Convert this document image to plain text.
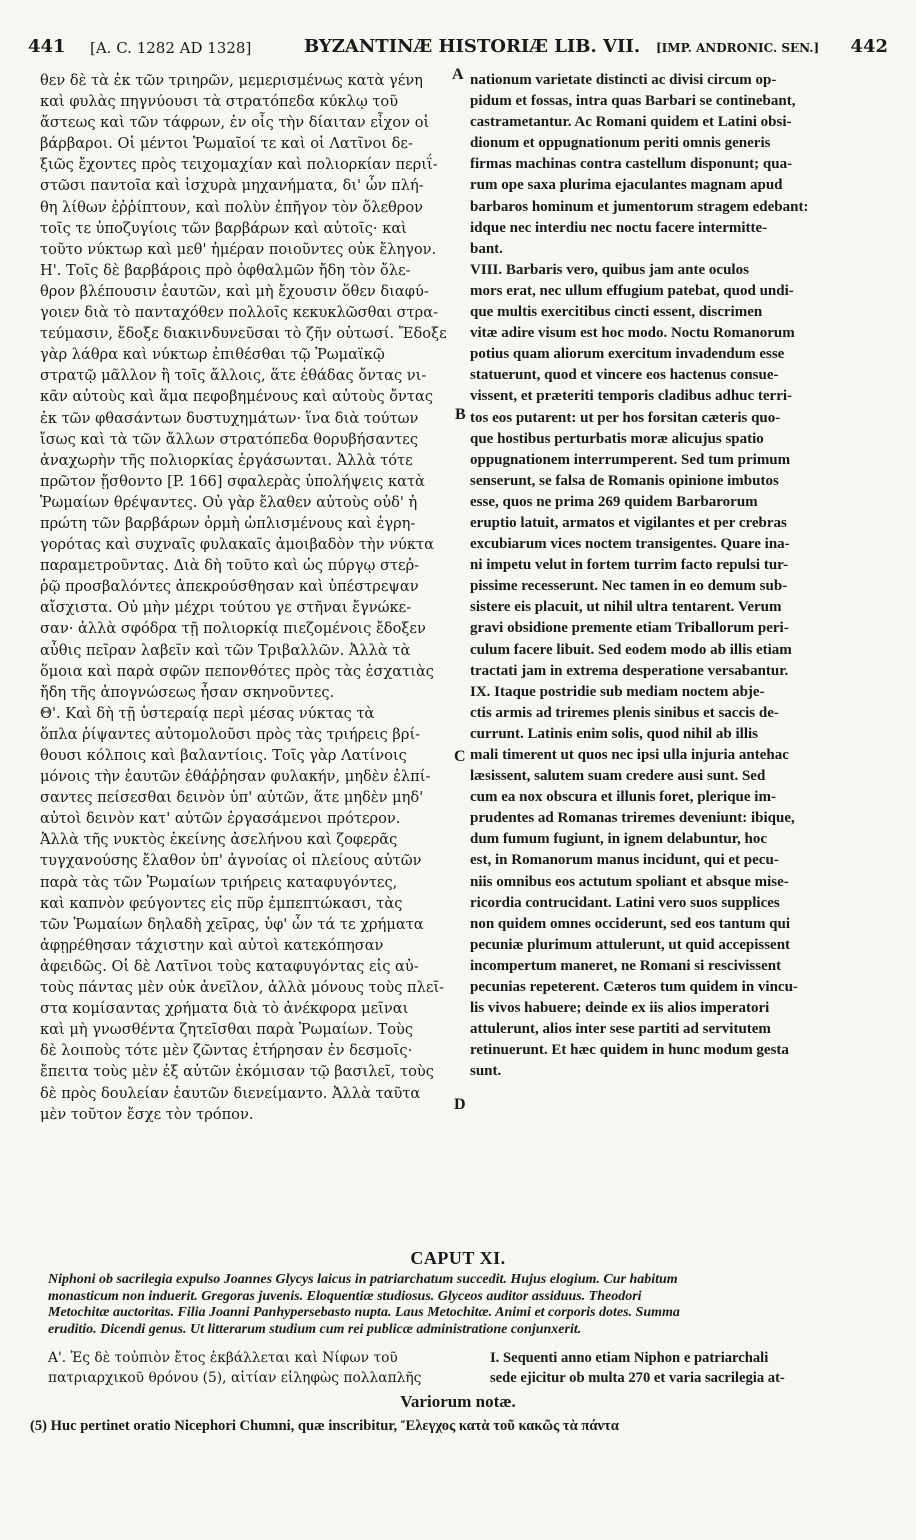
441 [A. C. 1282 AD 1328]	BYZANTINÆ HISTORIÆ LIB. VII. [IMP. ANDRONIC. SEN.] 442
A
B
C
D
θεν δὲ τὰ ἐκ τῶν τριηρῶν, μεμερισμένως κατὰ γένη
καὶ φυλὰς πηγνύουσι τὰ στρατόπεδα κύκλῳ τοῦ
ἄστεως καὶ τῶν τάφρων, ἐν οἷς τὴν δίαιταν εἶχον οἱ
βάρβαροι. Οἱ μέντοι Ῥωμαῖοί τε καὶ οἱ Λατῖνοι δε-
ξιῶς ἔχοντες πρὸς τειχομαχίαν καὶ πολιορκίαν περιΐ-
στῶσι παντοῖα καὶ ἰσχυρὰ μηχανήματα, δι' ὧν πλή-
θη λίθων ἐῤῥίπτουν, καὶ πολὺν ἐπῆγον τὸν ὄλεθρον
τοῖς τε ὑποζυγίοις τῶν βαρβάρων καὶ αὐτοῖς· καὶ
τοῦτο νύκτωρ καὶ μεθ' ἡμέραν ποιοῦντες οὐκ ἔληγον.
Η'. Τοῖς δὲ βαρβάροις πρὸ ὀφθαλμῶν ἤδη τὸν ὄλε-
θρον βλέπουσιν ἑαυτῶν, καὶ μὴ ἔχουσιν ὅθεν διαφύ-
γοιεν διὰ τὸ πανταχόθεν πολλοῖς κεκυκλῶσθαι στρα-
τεύμασιν, ἔδοξε διακινδυνεῦσαι τὸ ζῆν οὑτωσί. Ἔδοξε
γὰρ λάθρα καὶ νύκτωρ ἐπιθέσθαι τῷ Ῥωμαϊκῷ
στρατῷ μᾶλλον ἢ τοῖς ἄλλοις, ἅτε ἐθάδας ὄντας νι-
κᾶν αὐτοὺς καὶ ἅμα πεφοβημένους καὶ αὐτοὺς ὄντας
ἐκ τῶν φθασάντων δυστυχημάτων· ἵνα διὰ τούτων
ἴσως καὶ τὰ τῶν ἄλλων στρατόπεδα θορυβήσαντες
ἀναχωρὴν τῆς πολιορκίας ἐργάσωνται. Ἀλλὰ τότε
πρῶτον ᾔσθοντο [P. 166] σφαλερὰς ὑπολήψεις κατὰ
Ῥωμαίων θρέψαντες. Οὐ γὰρ ἔλαθεν αὐτοὺς οὐδ' ἡ
πρώτη τῶν βαρβάρων ὁρμὴ ὡπλισμένους καὶ ἐγρη-
γορότας καὶ συχναῖς φυλακαῖς ἀμοιβαδὸν τὴν νύκτα
παραμετροῦντας. Διὰ δὴ τοῦτο καὶ ὡς πύργῳ στεῤ-
ῥῷ προσβαλόντες ἀπεκρούσθησαν καὶ ὑπέστρεψαν
αἴσχιστα. Οὐ μὴν μέχρι τούτου γε στῆναι ἔγνώκε-
σαν· ἀλλὰ σφόδρα τῇ πολιορκίᾳ πιεζομένοις ἔδοξεν
αὖθις πεῖραν λαβεῖν καὶ τῶν Τριβαλλῶν. Ἀλλὰ τὰ
ὅμοια καὶ παρὰ σφῶν πεπονθότες πρὸς τὰς ἐσχατιὰς
ἤδη τῆς ἀπογνώσεως ἦσαν σκηνοῦντες.
Θ'. Καὶ δὴ τῇ ὑστεραίᾳ περὶ μέσας νύκτας τὰ
ὅπλα ῥίψαντες αὐτομολοῦσι πρὸς τὰς τριήρεις βρί-
θουσι κόλποις καὶ βαλαντίοις. Τοῖς γὰρ Λατίνοις
μόνοις τὴν ἑαυτῶν ἐθάῤῥησαν φυλακήν, μηδὲν ἐλπί-
σαντες πείσεσθαι δεινὸν ὑπ' αὐτῶν, ἅτε μηδὲν μηδ'
αὐτοὶ δεινὸν κατ' αὐτῶν ἐργασάμενοι πρότερον.
Ἀλλὰ τῆς νυκτὸς ἐκείνης ἀσελήνου καὶ ζοφερᾶς
τυγχανούσης ἔλαθον ὑπ' ἀγνοίας οἱ πλείους αὐτῶν
παρὰ τὰς τῶν Ῥωμαίων τριήρεις καταφυγόντες,
καὶ καπνὸν φεύγοντες εἰς πῦρ ἐμπεπτώκασι, τὰς
τῶν Ῥωμαίων δηλαδὴ χεῖρας, ὑφ' ὧν τά τε χρήματα
ἀφῃρέθησαν τάχιστην καὶ αὐτοὶ κατεκόπησαν
ἀφειδῶς. Οἱ δὲ Λατῖνοι τοὺς καταφυγόντας εἰς αὐ-
τοὺς πάντας μὲν οὐκ ἀνεῖλον, ἀλλὰ μόνους τοὺς πλεῖ-
στα κομίσαντας χρήματα διὰ τὸ ἀνέκφορα μεῖναι
καὶ μὴ γνωσθέντα ζητεῖσθαι παρὰ Ῥωμαίων. Τοὺς
δὲ λοιποὺς τότε μὲν ζῶντας ἐτήρησαν ἐν δεσμοῖς·
ἔπειτα τοὺς μὲν ἐξ αὐτῶν ἐκόμισαν τῷ βασιλεῖ, τοὺς
δὲ πρὸς δουλείαν ἑαυτῶν διενείμαντο. Ἀλλὰ ταῦτα
μὲν τοῦτον ἔσχε τὸν τρόπον.
nationum varietate distincti ac divisi circum op-
pidum et fossas, intra quas Barbari se continebant,
castrametantur. Ac Romani quidem et Latini obsi-
dionum et oppugnationum periti omnis generis
firmas machinas contra castellum disponunt; qua-
rum ope saxa plurima ejaculantes magnam apud
barbaros hominum et jumentorum stragem edebant:
idque nec interdiu nec noctu facere intermitte-
bant.
VIII. Barbaris vero, quibus jam ante oculos
mors erat, nec ullum effugium patebat, quod undi-
que multis exercitibus cincti essent, discrimen
vitæ adire visum est hoc modo. Noctu Romanorum
potius quam aliorum exercitum invadendum esse
statuerunt, quod et vincere eos hactenus consue-
vissent, et præteriti temporis cladibus adhuc terri-
tos eos putarent: ut per hos forsitan cæteris quo-
que hostibus perturbatis moræ alicujus spatio
oppugnationem interrumperent. Sed tum primum
senserunt, se falsa de Romanis opinione imbutos
esse, quos ne prima 269 quidem Barbarorum
eruptio latuit, armatos et vigilantes et per crebras
excubiarum vices noctem transigentes. Quare ina-
ni impetu velut in fortem turrim facto repulsi tur-
pissime recesserunt. Nec tamen in eo demum sub-
sistere eis placuit, ut nihil ultra tentarent. Verum
gravi obsidione premente etiam Triballorum peri-
culum facere libuit. Sed eodem modo ab illis etiam
tractati jam in extrema desperatione versabantur.
IX. Itaque postridie sub mediam noctem abje-
ctis armis ad triremes plenis sinibus et saccis de-
currunt. Latinis enim solis, quod nihil ab illis
mali timerent ut quos nec ipsi ulla injuria antehac
læsissent, salutem suam credere ausi sunt. Sed
cum ea nox obscura et illunis foret, plerique im-
prudentes ad Romanas triremes deveniunt: ibique,
dum fumum fugiunt, in ignem delabuntur, hoc
est, in Romanorum manus incidunt, qui et pecu-
niis omnibus eos actutum spoliant et absque mise-
ricordia contrucidant. Latini vero suos supplices
non quidem omnes occiderunt, sed eos tantum qui
pecuniæ plurimum attulerunt, ut quid accepissent
incompertum maneret, ne Romani si rescivissent
pecunias repeterent. Cæteros tum quidem in vincu-
lis vivos habuere; deinde ex iis alios imperatori
attulerunt, alios inter sese partiti ad servitutem
retinuerunt. Et hæc quidem in hunc modum gesta
sunt.
CAPUT XI.
Niphoni ob sacrilegia expulso Joannes Glycys laicus in patriarchatum succedit. Hujus elogium. Cur habitum
monasticum non induerit. Gregoras juvenis. Eloquentiæ studiosus. Glyceos auditor assiduus. Theodori
Metochitæ auctoritas. Filia Joanni Panhypersebasto nupta. Laus Metochitæ. Animi et corporis dotes. Summa
eruditio. Dicendi genus. Ut litterarum studium cum rei publicæ administratione conjunxerit.
Α'. Ἐς δὲ τοὐπιὸν ἔτος ἐκβάλλεται καὶ Νίφων τοῦ
πατριαρχικοῦ θρόνου (5), αἰτίαν εἰληφὼς πολλαπλῆς
I. Sequenti anno etiam Niphon e patriarchali
sede ejicitur ob multa 270 et varia sacrilegia at-
Variorum notæ.
(5) Huc pertinet oratio Nicephori Chumni, quæ inscribitur, Ἔλεγχος κατὰ τοῦ κακῶς τὰ πάντα
